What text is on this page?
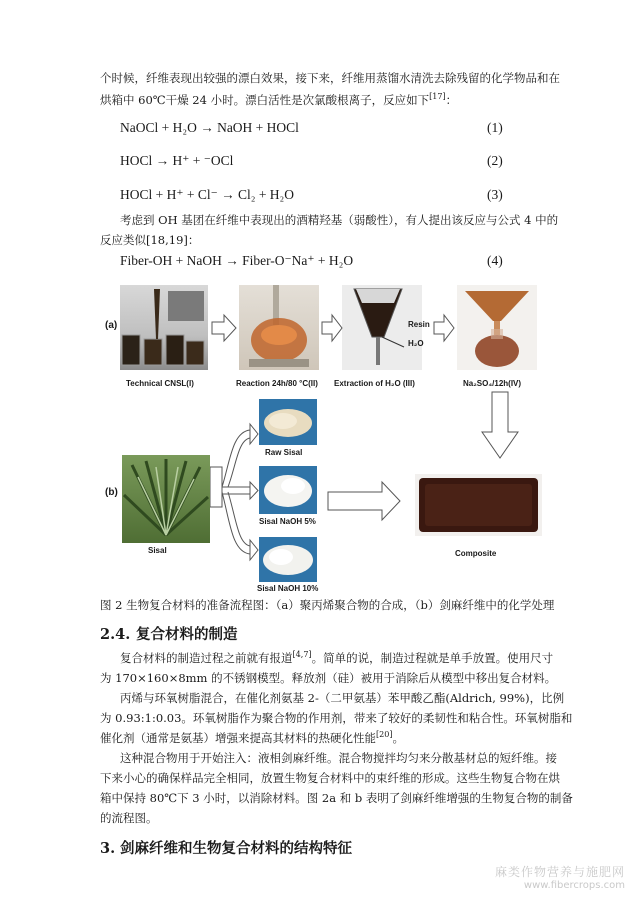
个时候，纤维表现出较强的漂白效果，接下来，纤维用蒸馏水清洗去除残留的化学物品和在
烘箱中 60℃干燥 24 小时。漂白活性是次氯酸根离子，反应如下[17]：
NaOCl + H₂O → NaOH + HOCl	(1)
HOCl → H⁺ + ⁻OCl	(2)
HOCl + H⁺ + Cl⁻ → Cl₂ + H₂O	(3)
考虑到 OH 基团在纤维中表现出的酒精羟基（弱酸性），有人提出该反应与公式 4 中的
反应类似[18,19]：
Fiber-OH + NaOH → Fiber-O⁻Na⁺ + H₂O	(4)
(a)
Technical CNSL(I)	Reaction 24h/80 °C(II)
Resin
H₂O
Extraction of H₂O (III)	Na₂SO₄/12h(IV)
(b)
Sisal
Raw Sisal
Sisal NaOH 5%
Sisal NaOH 10%
Composite
图 2 生物复合材料的准备流程图：（a）聚丙烯聚合物的合成，（b）剑麻纤维中的化学处理
2.4. 复合材料的制造
复合材料的制造过程之前就有报道[4,7]。简单的说，制造过程就是单手放置。使用尺寸
为 170×160×8mm 的不锈钢模型。释放剂（硅）被用于消除后从模型中移出复合材料。
丙烯与环氧树脂混合，在催化剂氨基 2-（二甲氨基）苯甲酸乙酯(Aldrich, 99%)，比例
为 0.93:1:0.03。环氧树脂作为聚合物的作用剂，带来了较好的柔韧性和粘合性。环氧树脂和
催化剂（通常是氨基）增强来提高其材料的热硬化性能[20]。
这种混合物用于开始注入：液相剑麻纤维。混合物搅拌均匀来分散基材总的短纤维。接
下来小心的确保样品完全相同，放置生物复合材料中的束纤维的形成。这些生物复合物在烘
箱中保持 80℃下 3 小时，以消除材料。图 2a 和 b 表明了剑麻纤维增强的生物复合物的制备
的流程图。
3. 剑麻纤维和生物复合材料的结构特征
麻类作物营养与施肥网
www.fibercrops.com
